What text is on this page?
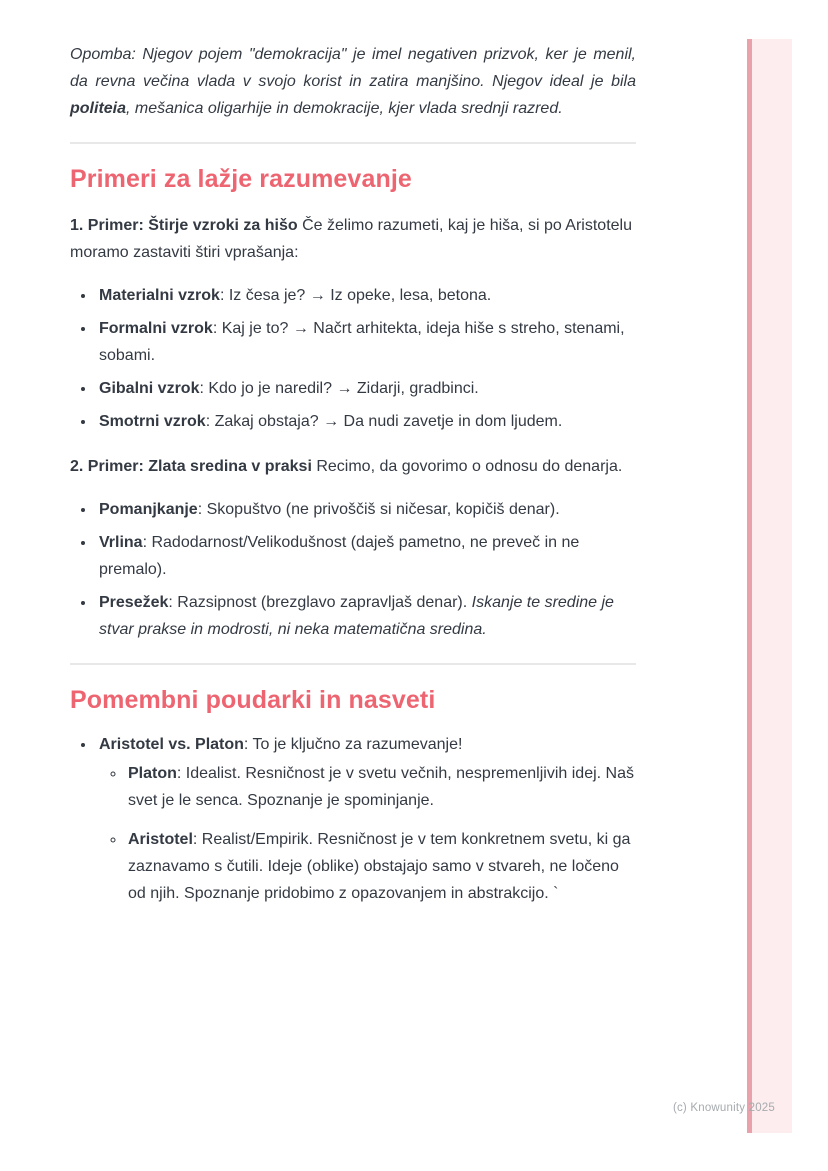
Opomba: Njegov pojem "demokracija" je imel negativen prizvok, ker je menil, da revna večina vlada v svojo korist in zatira manjšino. Njegov ideal je bila politeia, mešanica oligarhije in demokracije, kjer vlada srednji razred.

Primeri za lažje razumevanje

1. Primer: Štirje vzroki za hišo Če želimo razumeti, kaj je hiša, si po Aristotelu moramo zastaviti štiri vprašanja:

• Materialni vzrok: Iz česa je? → Iz opeke, lesa, betona.
• Formalni vzrok: Kaj je to? → Načrt arhitekta, ideja hiše s streho, stenami, sobami.
• Gibalni vzrok: Kdo jo je naredil? → Zidarji, gradbinci.
• Smotrni vzrok: Zakaj obstaja? → Da nudi zavetje in dom ljudem.

2. Primer: Zlata sredina v praksi Recimo, da govorimo o odnosu do denarja.

• Pomanjkanje: Skopuštvo (ne privoščiš si ničesar, kopičiš denar).
• Vrlina: Radodarnost/Velikodušnost (daješ pametno, ne preveč in ne premalo).
• Presežek: Razsipnost (brezglavo zapravljaš denar). Iskanje te sredine je stvar prakse in modrosti, ni neka matematična sredina.
Pomembni poudarki in nasveti
• Aristotel vs. Platon: To je ključno za razumevanje!
◦ Platon: Idealist. Resničnost je v svetu večnih, nespremenljivih idej. Naš svet je le senca. Spoznanje je spominjanje.
◦ Aristotel: Realist/Empirik. Resničnost je v tem konkretnem svetu, ki ga zaznavamo s čutili. Ideje (oblike) obstajajo samo v stvareh, ne ločeno od njih. Spoznanje pridobimo z opazovanjem in abstrakcijo. `
(c) Knowunity 2025
